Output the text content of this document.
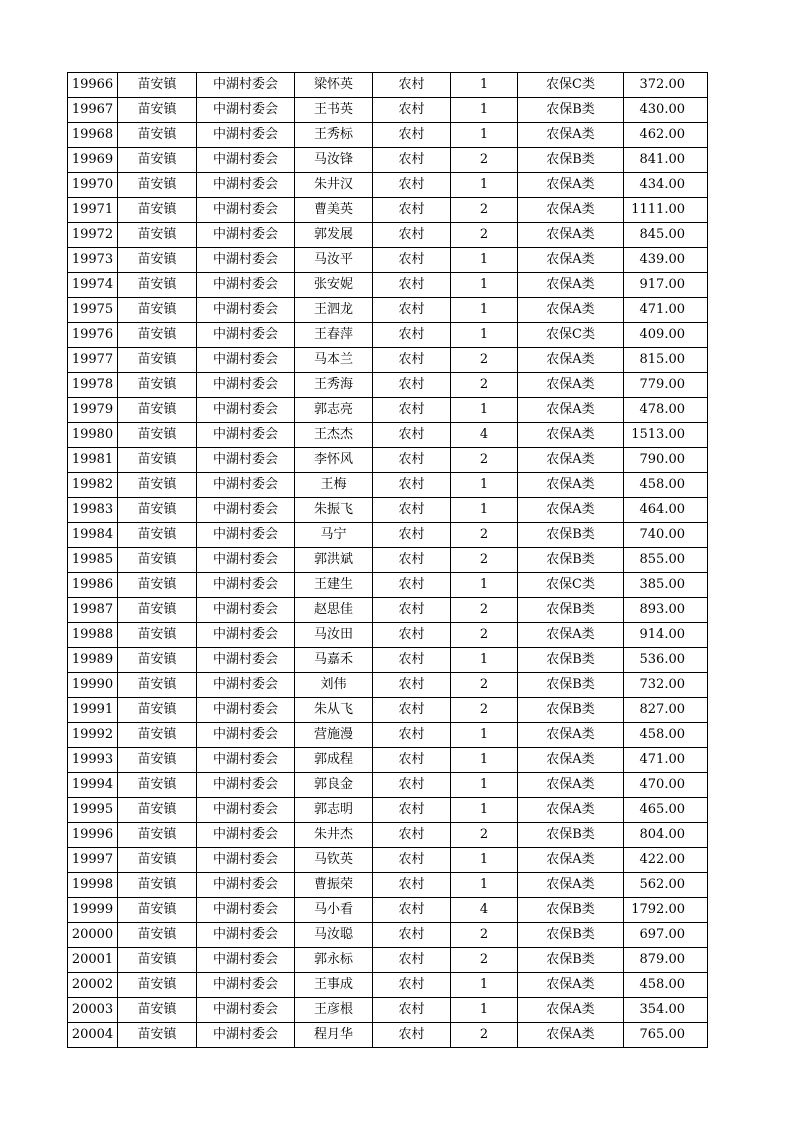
19966	苗安镇	中湖村委会	梁怀英	农村	1	农保C类	372.00
19967	苗安镇	中湖村委会	王书英	农村	1	农保B类	430.00
19968	苗安镇	中湖村委会	王秀标	农村	1	农保A类	462.00
19969	苗安镇	中湖村委会	马汝锋	农村	2	农保B类	841.00
19970	苗安镇	中湖村委会	朱井汉	农村	1	农保A类	434.00
19971	苗安镇	中湖村委会	曹美英	农村	2	农保A类	1111.00
19972	苗安镇	中湖村委会	郭发展	农村	2	农保A类	845.00
19973	苗安镇	中湖村委会	马汝平	农村	1	农保A类	439.00
19974	苗安镇	中湖村委会	张安妮	农村	1	农保A类	917.00
19975	苗安镇	中湖村委会	王泗龙	农村	1	农保A类	471.00
19976	苗安镇	中湖村委会	王春萍	农村	1	农保C类	409.00
19977	苗安镇	中湖村委会	马本兰	农村	2	农保A类	815.00
19978	苗安镇	中湖村委会	王秀海	农村	2	农保A类	779.00
19979	苗安镇	中湖村委会	郭志亮	农村	1	农保A类	478.00
19980	苗安镇	中湖村委会	王杰杰	农村	4	农保A类	1513.00
19981	苗安镇	中湖村委会	李怀风	农村	2	农保A类	790.00
19982	苗安镇	中湖村委会	王梅	农村	1	农保A类	458.00
19983	苗安镇	中湖村委会	朱振飞	农村	1	农保A类	464.00
19984	苗安镇	中湖村委会	马宁	农村	2	农保B类	740.00
19985	苗安镇	中湖村委会	郭洪斌	农村	2	农保B类	855.00
19986	苗安镇	中湖村委会	王建生	农村	1	农保C类	385.00
19987	苗安镇	中湖村委会	赵思佳	农村	2	农保B类	893.00
19988	苗安镇	中湖村委会	马汝田	农村	2	农保A类	914.00
19989	苗安镇	中湖村委会	马嘉禾	农村	1	农保B类	536.00
19990	苗安镇	中湖村委会	刘伟	农村	2	农保B类	732.00
19991	苗安镇	中湖村委会	朱从飞	农村	2	农保B类	827.00
19992	苗安镇	中湖村委会	营施漫	农村	1	农保A类	458.00
19993	苗安镇	中湖村委会	郭成程	农村	1	农保A类	471.00
19994	苗安镇	中湖村委会	郭良金	农村	1	农保A类	470.00
19995	苗安镇	中湖村委会	郭志明	农村	1	农保A类	465.00
19996	苗安镇	中湖村委会	朱井杰	农村	2	农保B类	804.00
19997	苗安镇	中湖村委会	马钦英	农村	1	农保A类	422.00
19998	苗安镇	中湖村委会	曹振荣	农村	1	农保A类	562.00
19999	苗安镇	中湖村委会	马小看	农村	4	农保B类	1792.00
20000	苗安镇	中湖村委会	马汝聪	农村	2	农保B类	697.00
20001	苗安镇	中湖村委会	郭永标	农村	2	农保B类	879.00
20002	苗安镇	中湖村委会	王事成	农村	1	农保A类	458.00
20003	苗安镇	中湖村委会	王彦根	农村	1	农保A类	354.00
20004	苗安镇	中湖村委会	程月华	农村	2	农保A类	765.00
